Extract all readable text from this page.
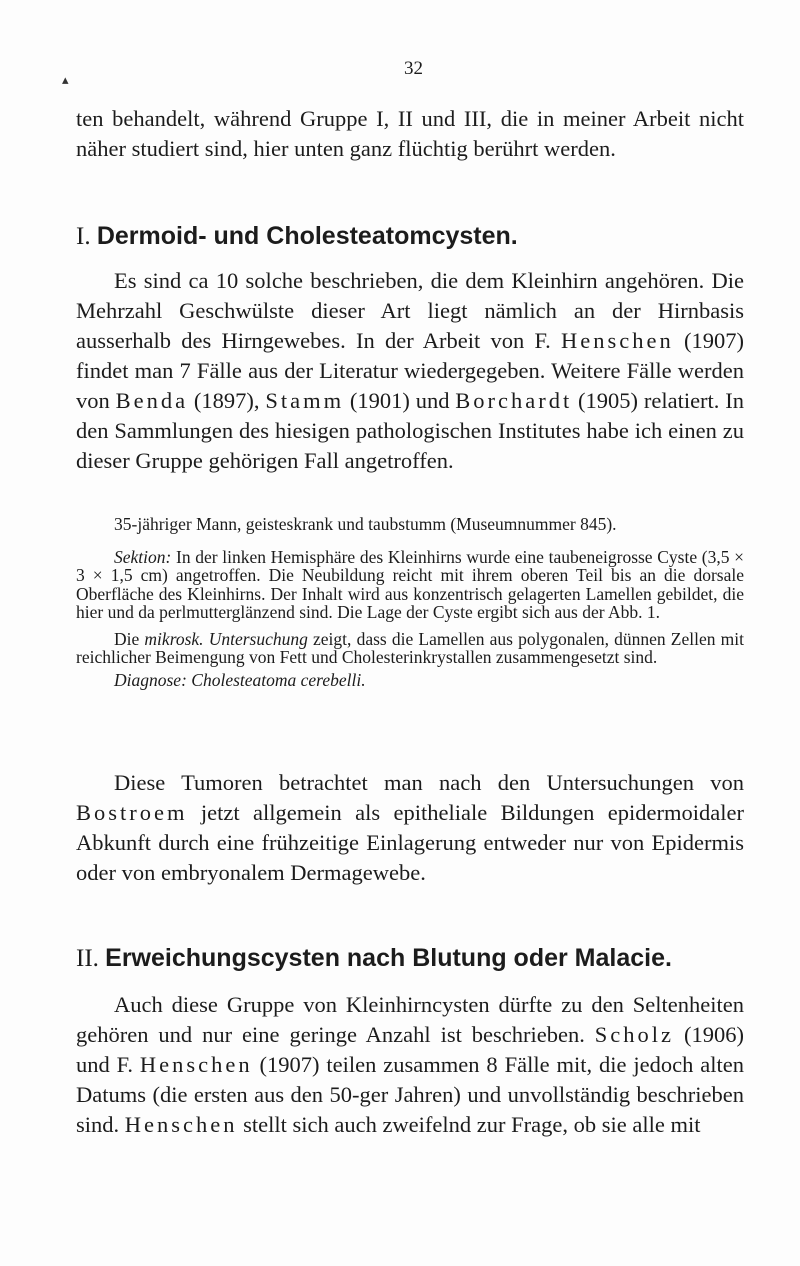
▴
32

ten behandelt, während Gruppe I, II und III, die in meiner Arbeit nicht näher studiert sind, hier unten ganz flüchtig berührt werden.

I. Dermoid- und Cholesteatomcysten.

Es sind ca 10 solche beschrieben, die dem Kleinhirn angehören. Die Mehrzahl Geschwülste dieser Art liegt nämlich an der Hirnbasis ausserhalb des Hirngewebes. In der Arbeit von F. Henschen (1907) findet man 7 Fälle aus der Literatur wiedergegeben. Weitere Fälle werden von Benda (1897), Stamm (1901) und Borchardt (1905) relatiert. In den Sammlungen des hiesigen pathologischen Institutes habe ich einen zu dieser Gruppe gehörigen Fall angetroffen.

35-jähriger Mann, geisteskrank und taubstumm (Museumnummer 845).

Sektion: In der linken Hemisphäre des Kleinhirns wurde eine taubeneigrosse Cyste (3,5 × 3 × 1,5 cm) angetroffen. Die Neubildung reicht mit ihrem oberen Teil bis an die dorsale Oberfläche des Kleinhirns. Der Inhalt wird aus konzentrisch gelagerten Lamellen gebildet, die hier und da perlmutterglänzend sind. Die Lage der Cyste ergibt sich aus der Abb. 1.

Die mikrosk. Untersuchung zeigt, dass die Lamellen aus polygonalen, dünnen Zellen mit reichlicher Beimengung von Fett und Cholesterinkrystallen zusammengesetzt sind.

Diagnose: Cholesteatoma cerebelli.

Diese Tumoren betrachtet man nach den Untersuchungen von Bostroem jetzt allgemein als epitheliale Bildungen epidermoidaler Abkunft durch eine frühzeitige Einlagerung entweder nur von Epidermis oder von embryonalem Dermagewebe.

II. Erweichungscysten nach Blutung oder Malacie.

Auch diese Gruppe von Kleinhirncysten dürfte zu den Seltenheiten gehören und nur eine geringe Anzahl ist beschrieben. Scholz (1906) und F. Henschen (1907) teilen zusammen 8 Fälle mit, die jedoch alten Datums (die ersten aus den 50-ger Jahren) und unvollständig beschrieben sind. Henschen stellt sich auch zweifelnd zur Frage, ob sie alle mit
